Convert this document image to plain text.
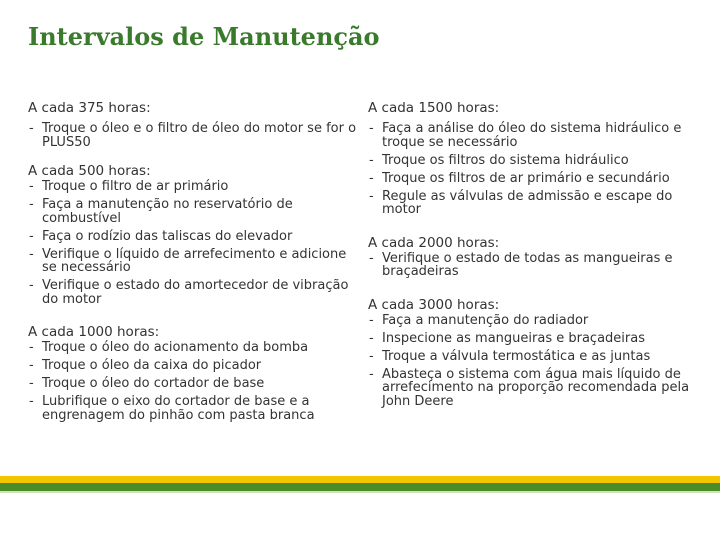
Intervalos de Manutenção
A cada 375 horas:
- Troque o óleo e o filtro de óleo do motor se for o PLUS50
A cada 500 horas:
- Troque o filtro de ar primário
- Faça a manutenção no reservatório de combustível
- Faça o rodízio das taliscas do elevador
- Verifique o líquido de arrefecimento e adicione se necessário
- Verifique o estado do amortecedor de vibração do motor
A cada 1000 horas:
- Troque o óleo do acionamento da bomba
- Troque o óleo da caixa do picador
- Troque o óleo do cortador de base
- Lubrifique o eixo do cortador de base e a engrenagem do pinhão com pasta branca
A cada 1500 horas:
- Faça a análise do óleo do sistema hidráulico e troque se necessário
- Troque os filtros do sistema hidráulico
- Troque os filtros de ar primário e secundário
- Regule as válvulas de admissão e escape do motor
A cada 2000 horas:
- Verifique o estado de todas as mangueiras e braçadeiras
A cada 3000 horas:
- Faça a manutenção do radiador
- Inspecione as mangueiras e braçadeiras
- Troque a válvula termostática e as juntas
- Abasteça o sistema com água mais líquido de arrefecimento na proporção recomendada pela John Deere
